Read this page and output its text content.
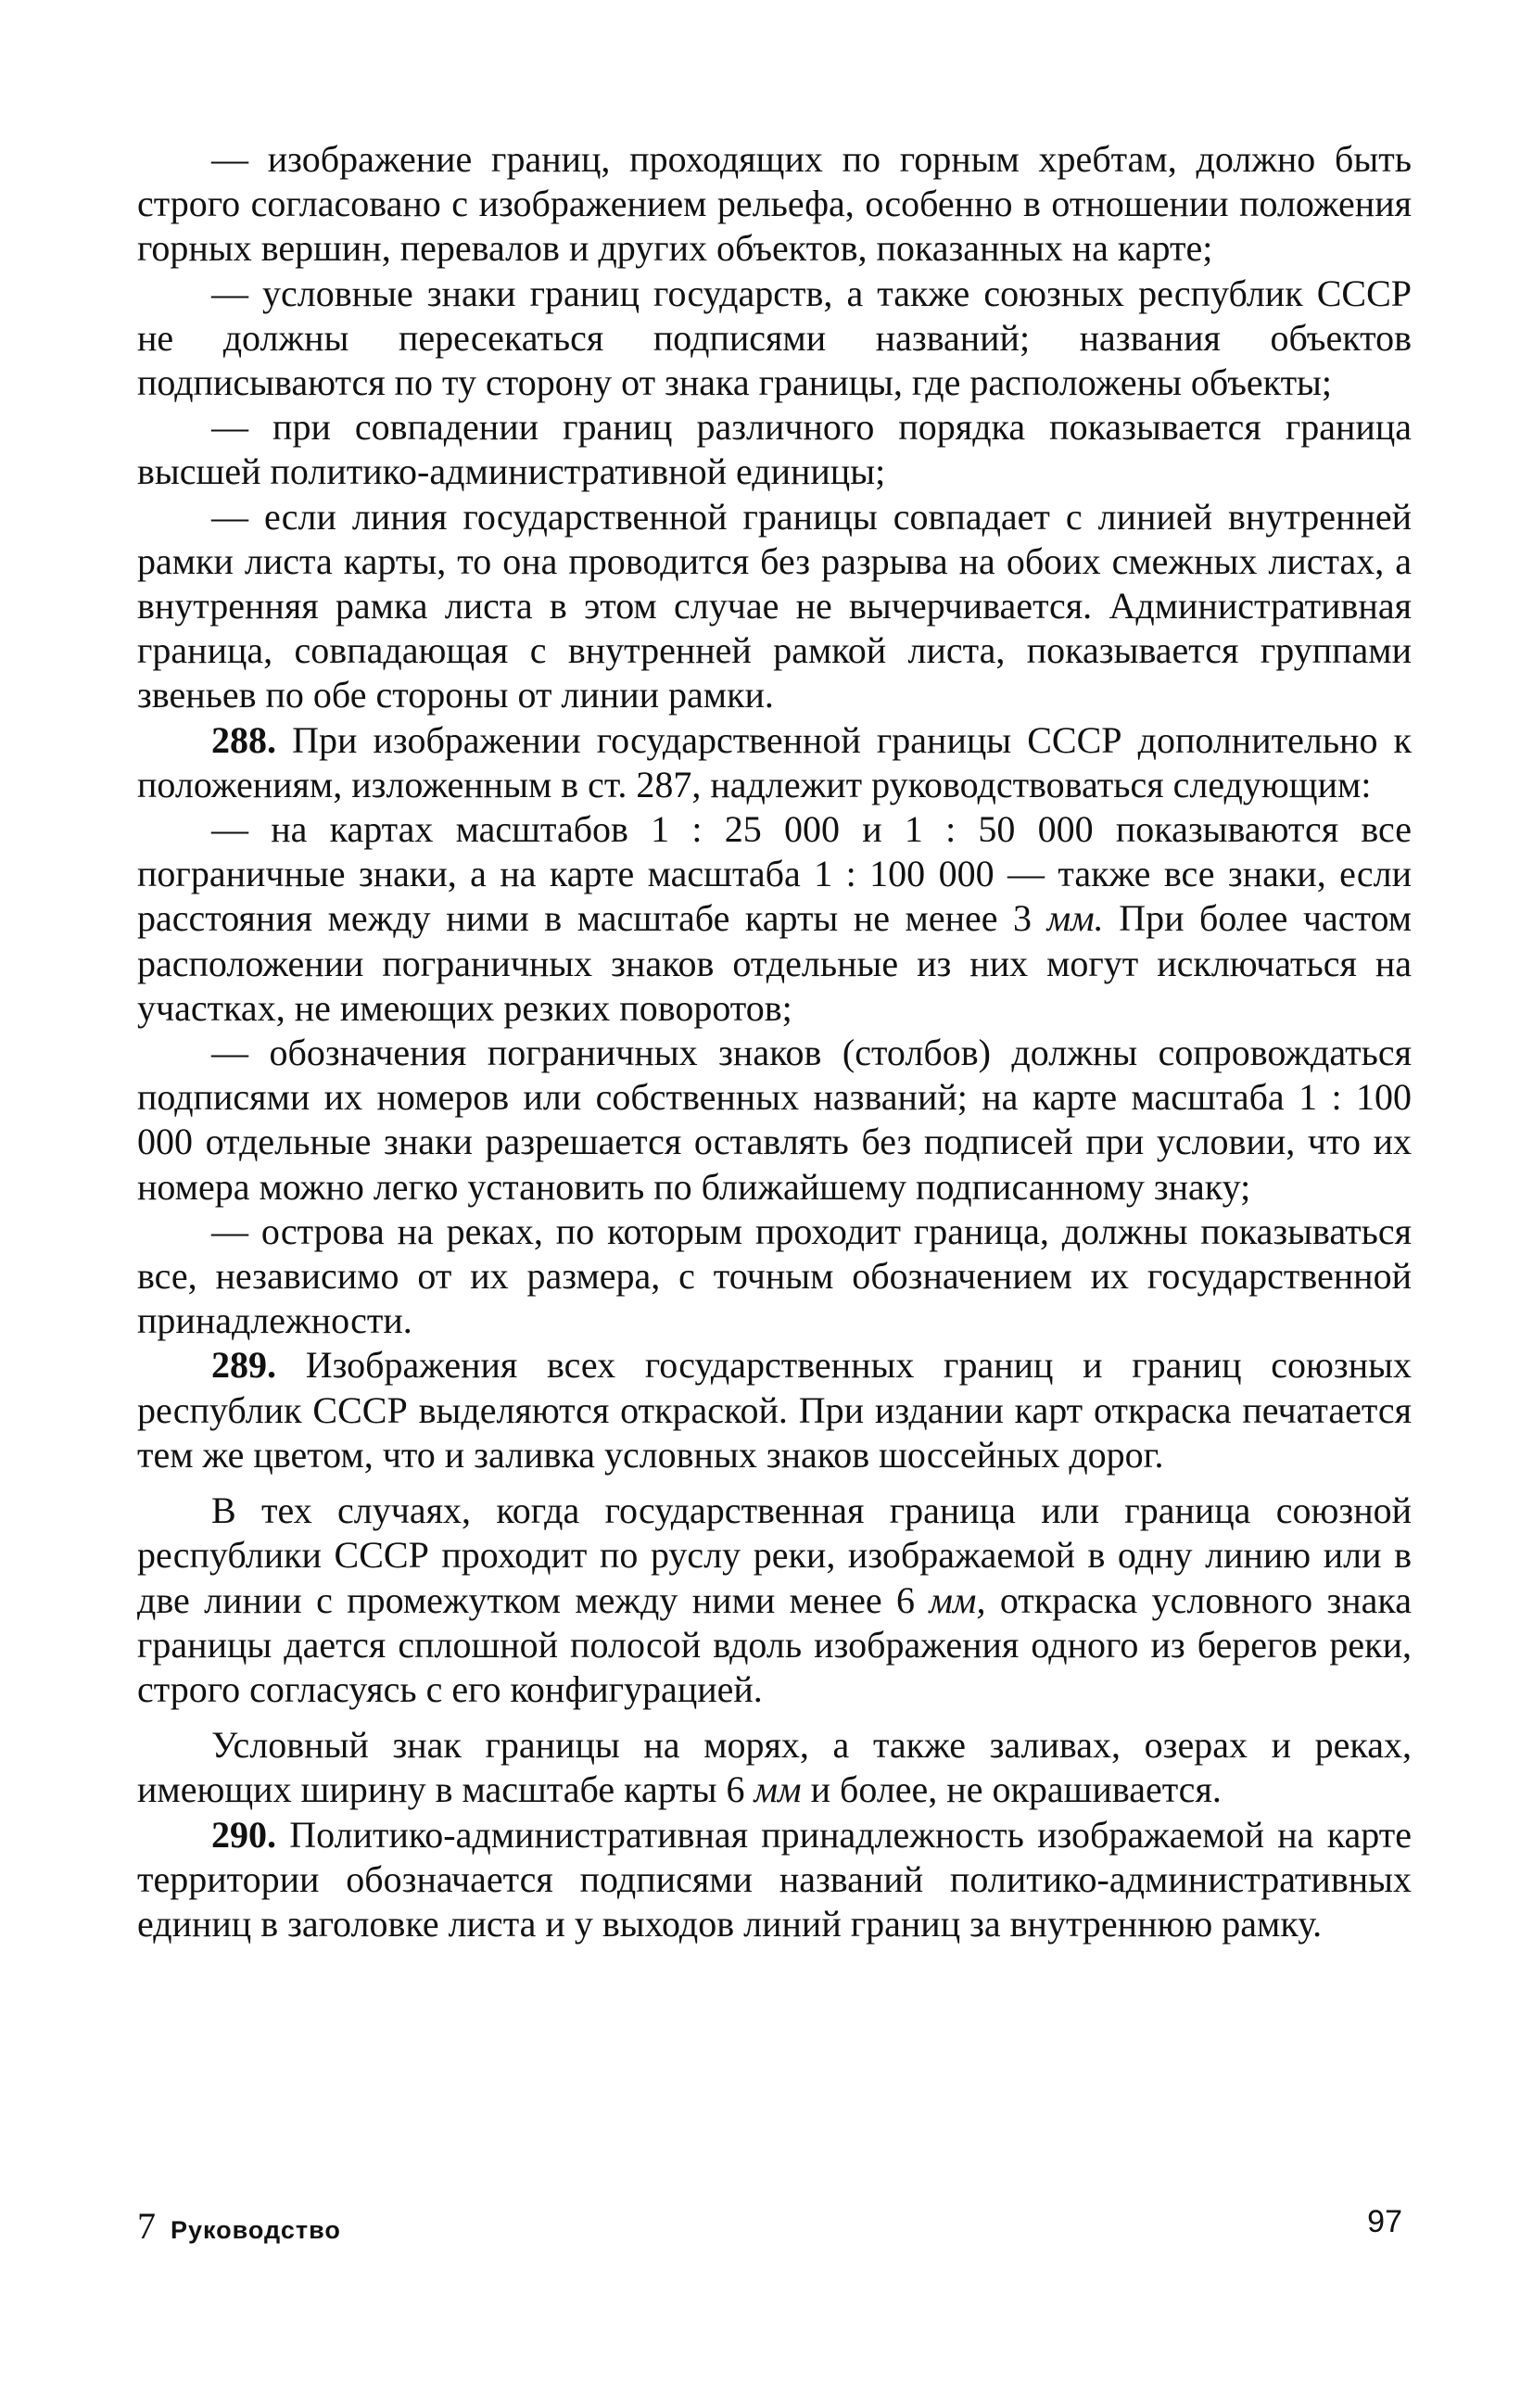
— изображение границ, проходящих по горным хребтам, должно быть строго согласовано с изображением рельефа, особенно в отношении положения горных вершин, перевалов и других объектов, показанных на карте;

— условные знаки границ государств, а также союзных республик СССР не должны пересекаться подписями названий; названия объектов подписываются по ту сторону от знака границы, где расположены объекты;

— при совпадении границ различного порядка показывается граница высшей политико-административной единицы;

— если линия государственной границы совпадает с линией внутренней рамки листа карты, то она проводится без разрыва на обоих смежных листах, а внутренняя рамка листа в этом случае не вычерчивается. Административная граница, совпадающая с внутренней рамкой листа, показывается группами звеньев по обе стороны от линии рамки.

288. При изображении государственной границы СССР дополнительно к положениям, изложенным в ст. 287, надлежит руководствоваться следующим:

— на картах масштабов 1 : 25 000 и 1 : 50 000 показываются все пограничные знаки, а на карте масштаба 1 : 100 000 — также все знаки, если расстояния между ними в масштабе карты не менее 3 мм. При более частом расположении пограничных знаков отдельные из них могут исключаться на участках, не имеющих резких поворотов;

— обозначения пограничных знаков (столбов) должны сопровождаться подписями их номеров или собственных названий; на карте масштаба 1 : 100 000 отдельные знаки разрешается оставлять без подписей при условии, что их номера можно легко установить по ближайшему подписанному знаку;

— острова на реках, по которым проходит граница, должны показываться все, независимо от их размера, с точным обозначением их государственной принадлежности.

289. Изображения всех государственных границ и границ союзных республик СССР выделяются откраской. При издании карт откраска печатается тем же цветом, что и заливка условных знаков шоссейных дорог.

В тех случаях, когда государственная граница или граница союзной республики СССР проходит по руслу реки, изображаемой в одну линию или в две линии с промежутком между ними менее 6 мм, откраска условного знака границы дается сплошной полосой вдоль изображения одного из берегов реки, строго согласуясь с его конфигурацией.

Условный знак границы на морях, а также заливах, озерах и реках, имеющих ширину в масштабе карты 6 мм и более, не окрашивается.

290. Политико-административная принадлежность изображаемой на карте территории обозначается подписями названий политико-административных единиц в заголовке листа и у выходов линий границ за внутреннюю рамку.

7 Руководство	97
